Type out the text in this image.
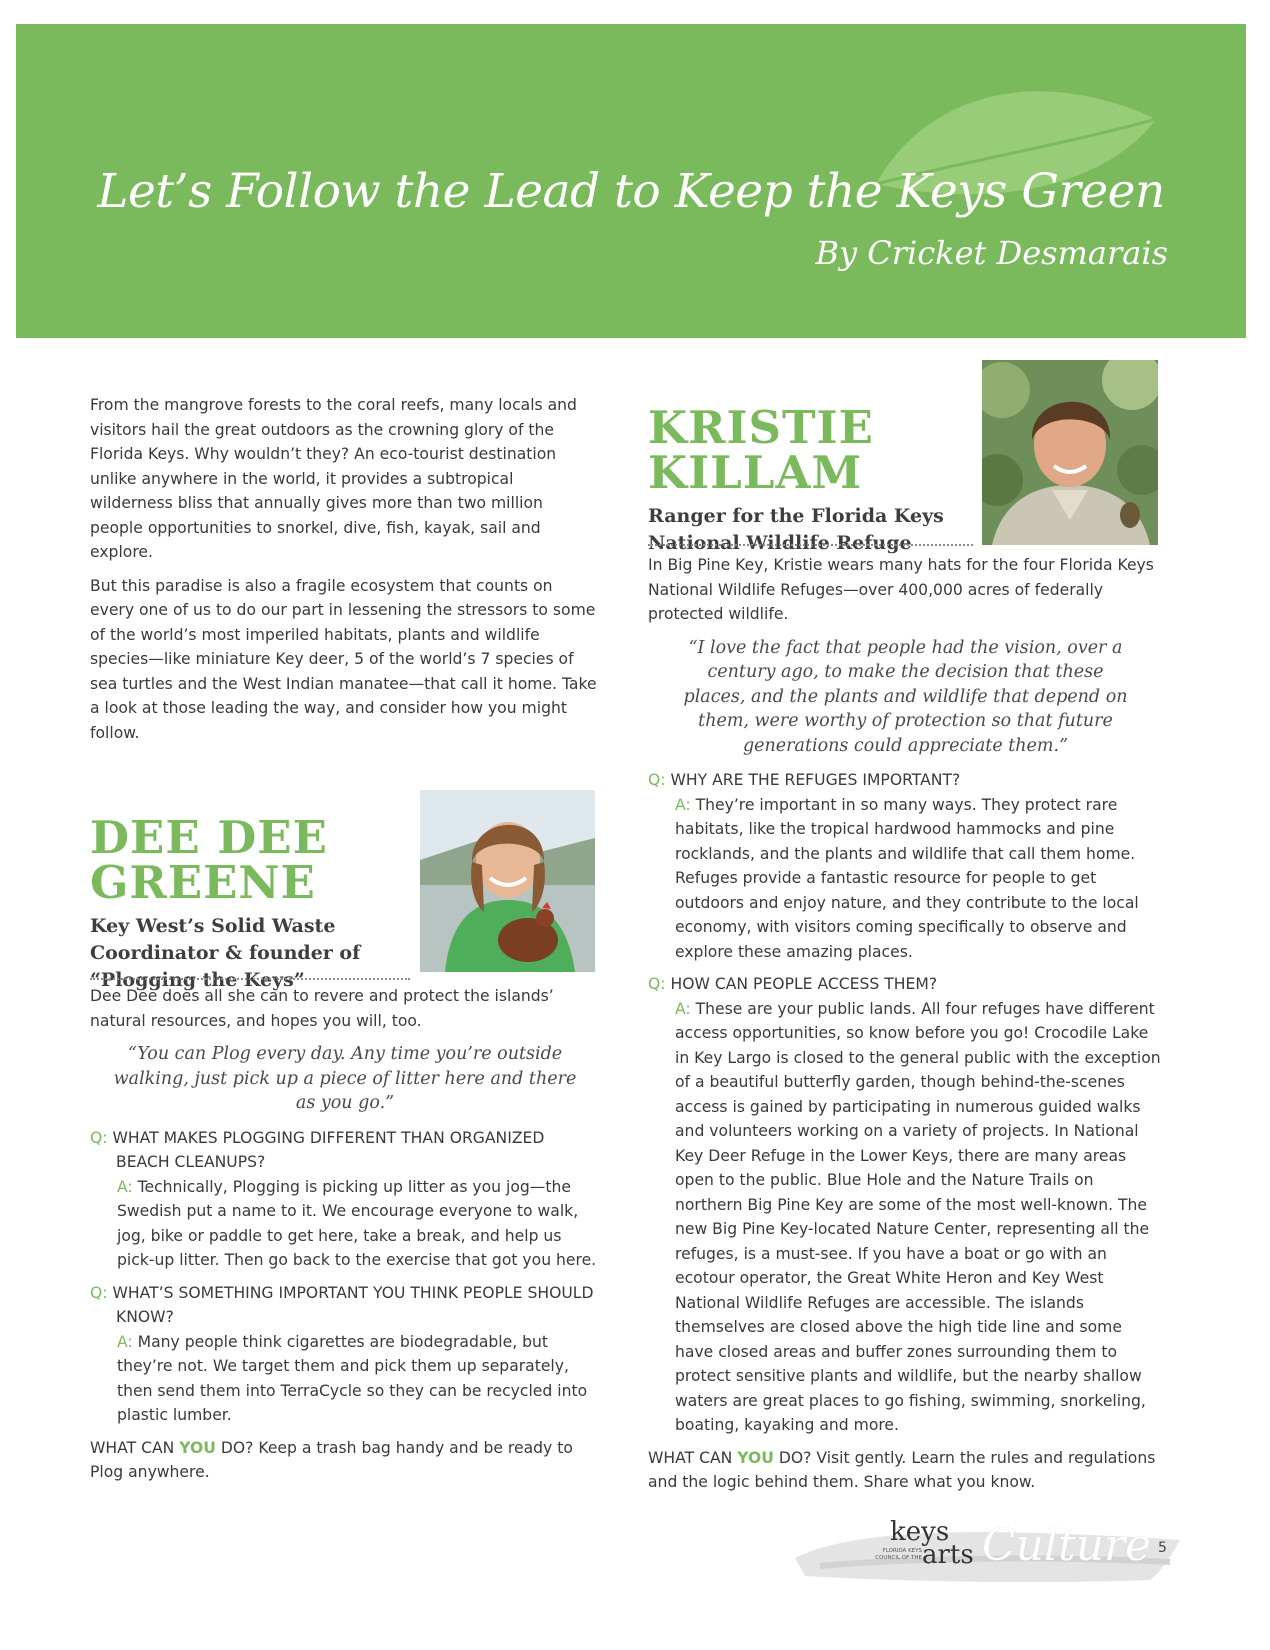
Let’s Follow the Lead to Keep the Keys Green
By Cricket Desmarais

From the mangrove forests to the coral reefs, many locals and visitors hail the great outdoors as the crowning glory of the Florida Keys. Why wouldn’t they? An eco-tourist destination unlike anywhere in the world, it provides a subtropical wilderness bliss that annually gives more than two million people opportunities to snorkel, dive, fish, kayak, sail and explore.

But this paradise is also a fragile ecosystem that counts on every one of us to do our part in lessening the stressors to some of the world’s most imperiled habitats, plants and wildlife species—like miniature Key deer, 5 of the world’s 7 species of sea turtles and the West Indian manatee—that call it home. Take a look at those leading the way, and consider how you might follow.

DEE DEE
GREENE
Key West’s Solid Waste
Coordinator & founder of
“Plogging the Keys”

Dee Dee does all she can to revere and protect the islands’ natural resources, and hopes you will, too.

“You can Plog every day. Any time you’re outside walking, just pick up a piece of litter here and there as you go.”
Q: WHAT MAKES PLOGGING DIFFERENT THAN ORGANIZED BEACH CLEANUPS?
A: Technically, Plogging is picking up litter as you jog—the Swedish put a name to it. We encourage everyone to walk, jog, bike or paddle to get here, take a break, and help us pick-up litter. Then go back to the exercise that got you here.
Q: WHAT’S SOMETHING IMPORTANT YOU THINK PEOPLE SHOULD KNOW?
A: Many people think cigarettes are biodegradable, but they’re not. We target them and pick them up separately, then send them into TerraCycle so they can be recycled into plastic lumber.

WHAT CAN YOU DO? Keep a trash bag handy and be ready to Plog anywhere.

KRISTIE
KILLAM
Ranger for the Florida Keys
National Wildlife Refuge

In Big Pine Key, Kristie wears many hats for the four Florida Keys National Wildlife Refuges—over 400,000 acres of federally protected wildlife.

“I love the fact that people had the vision, over a century ago, to make the decision that these places, and the plants and wildlife that depend on them, were worthy of protection so that future generations could appreciate them.”
Q: WHY ARE THE REFUGES IMPORTANT?
A: They’re important in so many ways. They protect rare habitats, like the tropical hardwood hammocks and pine rocklands, and the plants and wildlife that call them home. Refuges provide a fantastic resource for people to get outdoors and enjoy nature, and they contribute to the local economy, with visitors coming specifically to observe and explore these amazing places.
Q: HOW CAN PEOPLE ACCESS THEM?
A: These are your public lands. All four refuges have different access opportunities, so know before you go! Crocodile Lake in Key Largo is closed to the general public with the exception of a beautiful butterfly garden, though behind-the-scenes access is gained by participating in numerous guided walks and volunteers working on a variety of projects. In National Key Deer Refuge in the Lower Keys, there are many areas open to the public. Blue Hole and the Nature Trails on northern Big Pine Key are some of the most well-known. The new Big Pine Key-located Nature Center, representing all the refuges, is a must-see. If you have a boat or go with an ecotour operator, the Great White Heron and Key West National Wildlife Refuges are accessible. The islands themselves are closed above the high tide line and some have closed areas and buffer zones surrounding them to protect sensitive plants and wildlife, but the nearby shallow waters are great places to go fishing, swimming, snorkeling, boating, kayaking and more.

WHAT CAN YOU DO? Visit gently. Learn the rules and regulations and the logic behind them. Share what you know.

keys
arts
FLORIDA KEYS COUNCIL OF THE Culture 5
